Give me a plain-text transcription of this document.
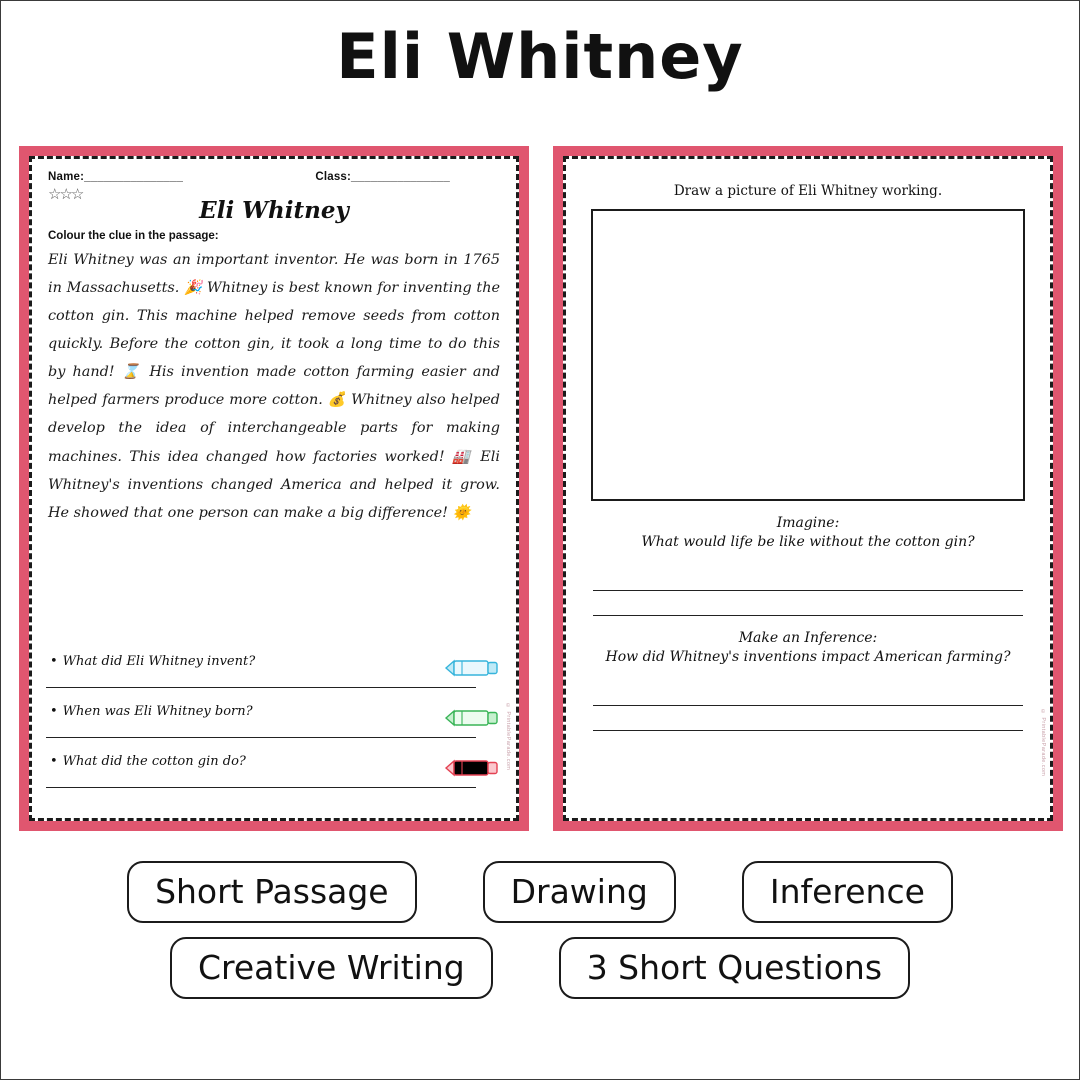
Eli Whitney
Name:_______________	Class:_______________
☆☆☆
Eli Whitney
Colour the clue in the passage:
Eli Whitney was an important inventor. He was born in 1765 in Massachusetts. 🎉 Whitney is best known for inventing the cotton gin. This machine helped remove seeds from cotton quickly. Before the cotton gin, it took a long time to do this by hand! ⌛ His invention made cotton farming easier and helped farmers produce more cotton. 💰 Whitney also helped develop the idea of interchangeable parts for making machines. This idea changed how factories worked! 🏭 Eli Whitney's inventions changed America and helped it grow. He showed that one person can make a big difference! 🌞
• What did Eli Whitney invent?
• When was Eli Whitney born?
• What did the cotton gin do?	© PrintableParade.com
Draw a picture of Eli Whitney working.
Imagine:
What would life be like without the cotton gin?
Make an Inference:
How did Whitney's inventions impact American farming?
© PrintableParade.com
Short Passage	Drawing	Inference
Creative Writing	3 Short Questions
